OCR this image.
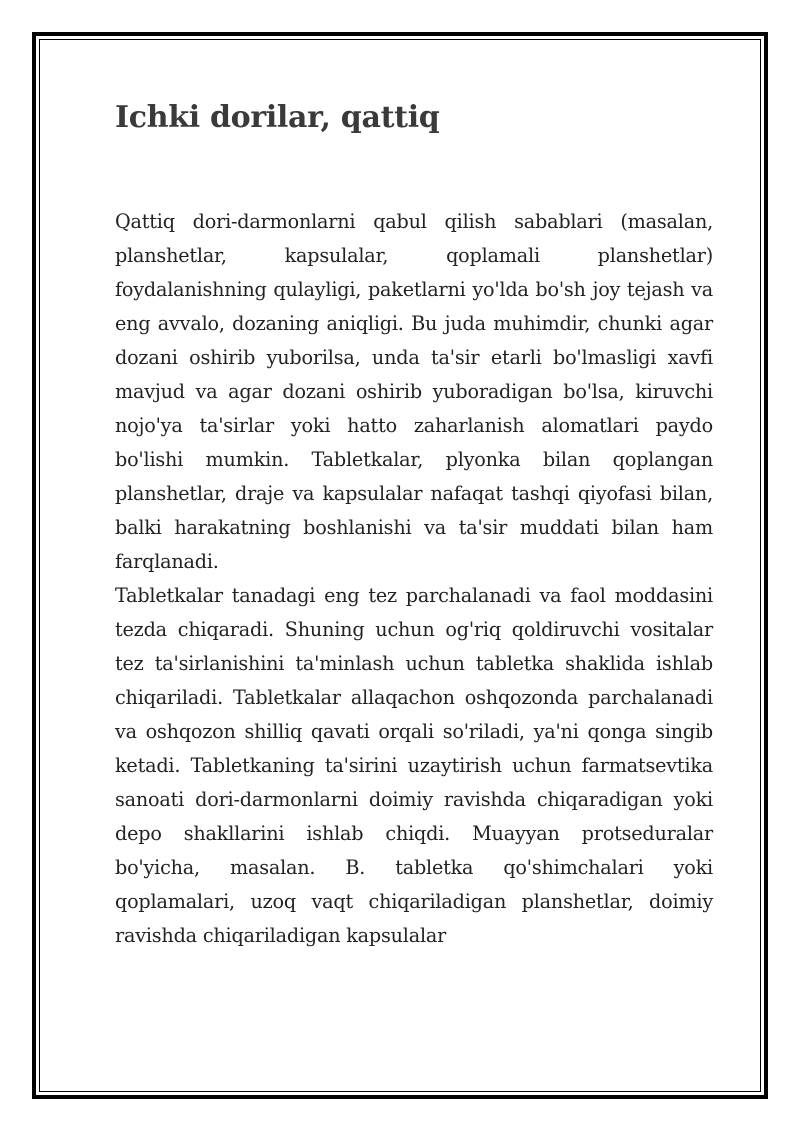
Ichki dorilar, qattiq

Qattiq dori-darmonlarni qabul qilish sabablari (masalan, planshetlar, kapsulalar, qoplamali planshetlar) foydalanishning qulayligi, paketlarni yo'lda bo'sh joy tejash va eng avvalo, dozaning aniqligi. Bu juda muhimdir, chunki agar dozani oshirib yuborilsa, unda ta'sir etarli bo'lmasligi xavfi mavjud va agar dozani oshirib yuboradigan bo'lsa, kiruvchi nojo'ya ta'sirlar yoki hatto zaharlanish alomatlari paydo bo'lishi mumkin. Tabletkalar, plyonka bilan qoplangan planshetlar, draje va kapsulalar nafaqat tashqi qiyofasi bilan, balki harakatning boshlanishi va ta'sir muddati bilan ham farqlanadi.

Tabletkalar tanadagi eng tez parchalanadi va faol moddasini tezda chiqaradi. Shuning uchun og'riq qoldiruvchi vositalar tez ta'sirlanishini ta'minlash uchun tabletka shaklida ishlab chiqariladi. Tabletkalar allaqachon oshqozonda parchalanadi va oshqozon shilliq qavati orqali so'riladi, ya'ni qonga singib ketadi. Tabletkaning ta'sirini uzaytirish uchun farmatsevtika sanoati dori-darmonlarni doimiy ravishda chiqaradigan yoki depo shakllarini ishlab chiqdi. Muayyan protseduralar bo'yicha, masalan. B. tabletka qo'shimchalari yoki qoplamalari, uzoq vaqt chiqariladigan planshetlar, doimiy ravishda chiqariladigan kapsulalar
